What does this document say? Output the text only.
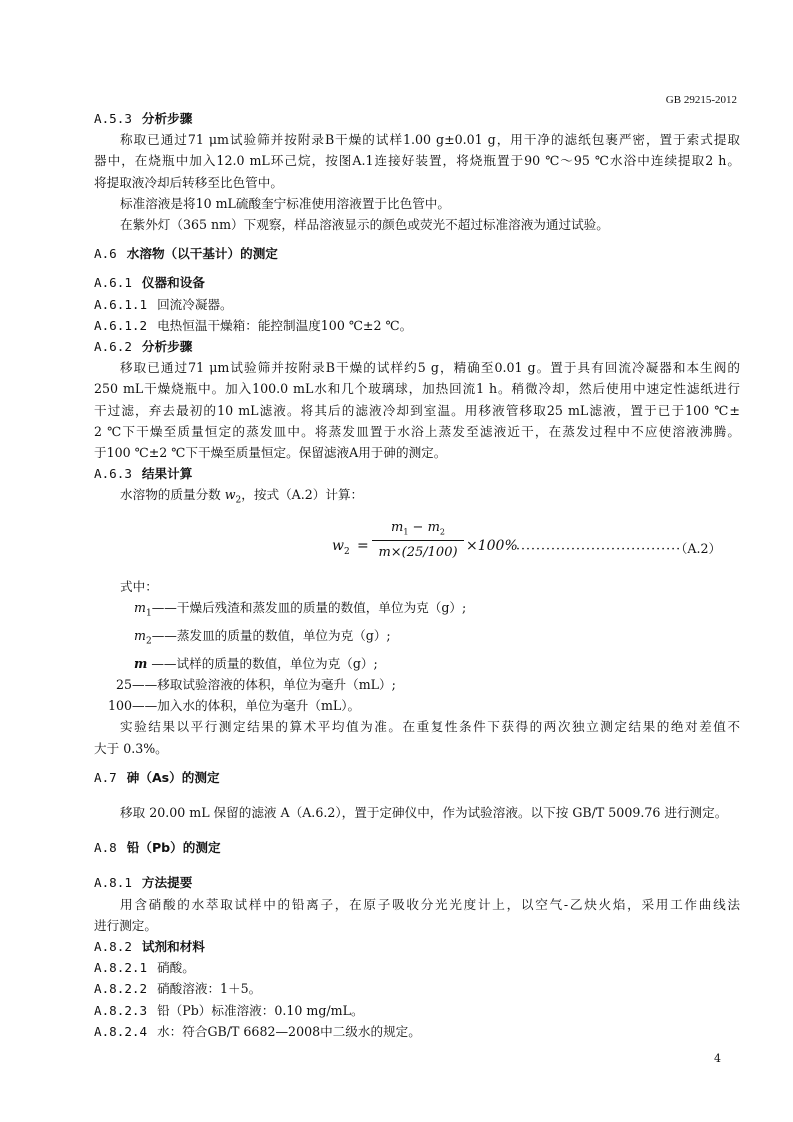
GB 29215-2012
A.5.3 分析步骤
称取已通过71 μm试验筛并按附录B干燥的试样1.00 g±0.01 g，用干净的滤纸包裹严密，置于索式提取
器中，在烧瓶中加入12.0 mL环己烷，按图A.1连接好装置，将烧瓶置于90 ℃～95 ℃水浴中连续提取2 h。
将提取液冷却后转移至比色管中。
标准溶液是将10 mL硫酸奎宁标准使用溶液置于比色管中。
在紫外灯（365 nm）下观察，样品溶液显示的颜色或荧光不超过标准溶液为通过试验。
A.6 水溶物（以干基计）的测定
A.6.1 仪器和设备
A.6.1.1 回流冷凝器。
A.6.1.2 电热恒温干燥箱：能控制温度100 ℃±2 ℃。
A.6.2 分析步骤
移取已通过71 μm试验筛并按附录B干燥的试样约5 g，精确至0.01 g。置于具有回流冷凝器和本生阀的
250 mL干燥烧瓶中。加入100.0 mL水和几个玻璃球，加热回流1 h。稍微冷却，然后使用中速定性滤纸进行
干过滤，弃去最初的10 mL滤液。将其后的滤液冷却到室温。用移液管移取25 mL滤液，置于已于100 ℃±
2 ℃下干燥至质量恒定的蒸发皿中。将蒸发皿置于水浴上蒸发至滤液近干，在蒸发过程中不应使溶液沸腾。
于100 ℃±2 ℃下干燥至质量恒定。保留滤液A用于砷的测定。
A.6.3 结果计算
水溶物的质量分数 $w_2$，按式（A.2）计算：
$w_2$ =
$m_1 - m_2$
m×(25/100) ×100%
·································（A.2）
式中：
$m_1——$干燥后残渣和蒸发皿的质量的数值，单位为克（g）;
$m_2——$蒸发皿的质量的数值，单位为克（g）;
m ——试样的质量的数值，单位为克（g）;
25——移取试验溶液的体积，单位为毫升（mL）;
100——加入水的体积，单位为毫升（mL）。
实验结果以平行测定结果的算术平均值为准。在重复性条件下获得的两次独立测定结果的绝对差值不
大于 0.3%。
A.7 砷（As）的测定
移取 20.00 mL 保留的滤液 A（A.6.2），置于定砷仪中，作为试验溶液。以下按 GB/T 5009.76 进行测定。
A.8 铅（Pb）的测定
A.8.1 方法提要
用含硝酸的水萃取试样中的铅离子，在原子吸收分光光度计上，以空气-乙炔火焰，采用工作曲线法
进行测定。
A.8.2 试剂和材料
A.8.2.1 硝酸。
A.8.2.2 硝酸溶液：1＋5。
A.8.2.3 铅（Pb）标准溶液：0.10 mg/mL。
A.8.2.4 水：符合GB/T 6682—2008中二级水的规定。
4
